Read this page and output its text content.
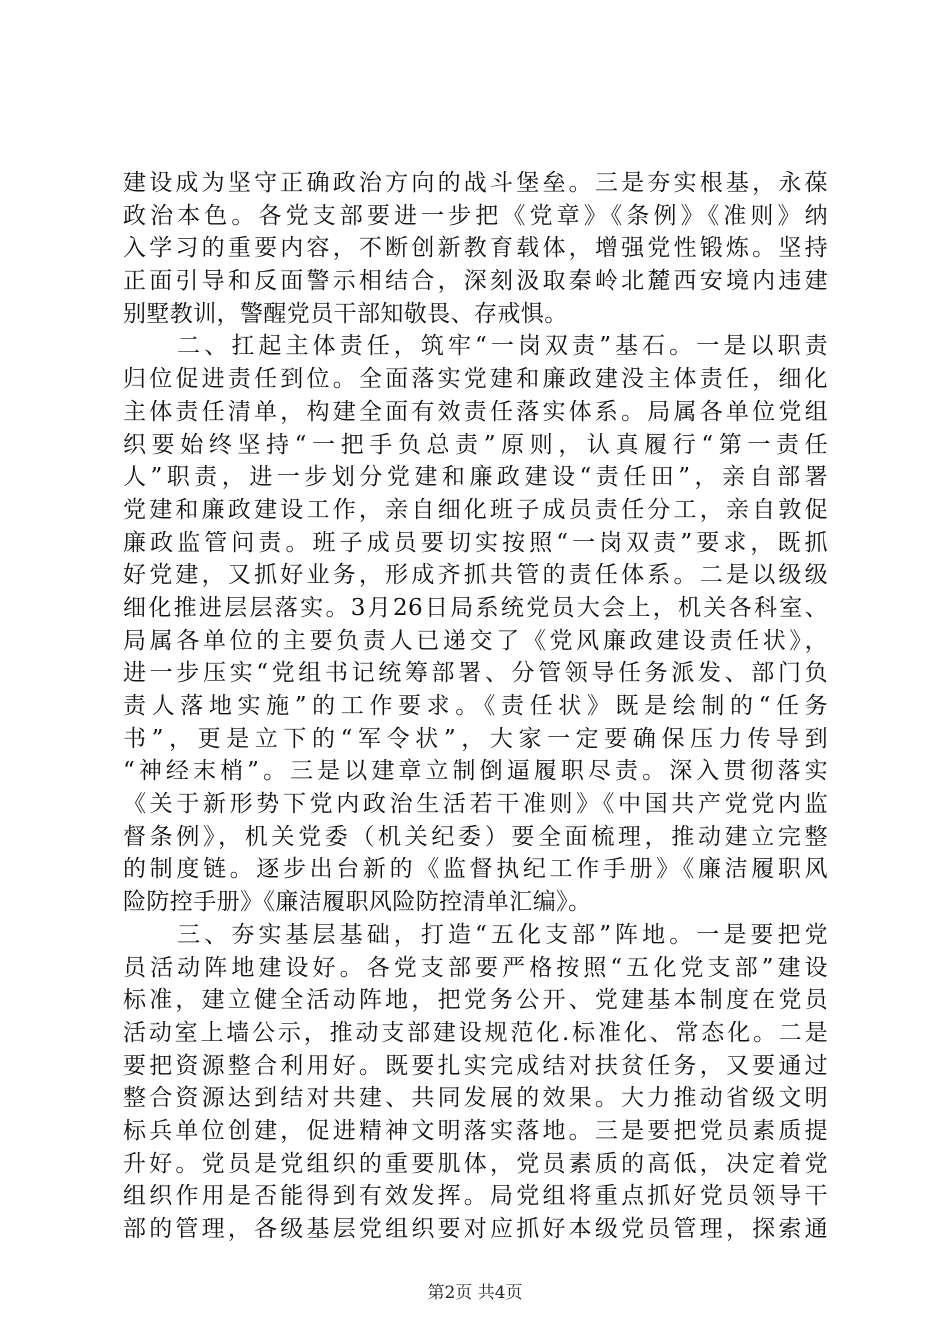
建设成为坚守正确政治方向的战斗堡垒。三是夯实根基，永葆
政治本色。各党支部要进一步把《党章》《条例》《准则》纳
入学习的重要内容，不断创新教育载体，增强党性锻炼。坚持
正面引导和反面警示相结合，深刻汲取秦岭北麓西安境内违建
别墅教训，警醒党员干部知敬畏、存戒惧。
　　二、扛起主体责任，筑牢“一岗双责”基石。一是以职责
归位促进责任到位。全面落实党建和廉政建没主体责任，细化
主体责任清单，构建全面有效责任落实体系。局属各单位党组
织要始终坚持“一把手负总责”原则，认真履行“第一责任
人”职责，进一步划分党建和廉政建设“责任田”，亲自部署
党建和廉政建设工作，亲自细化班子成员责任分工，亲自敦促
廉政监管问责。班子成员要切实按照“一岗双责”要求，既抓
好党建，又抓好业务，形成齐抓共管的责任体系。二是以级级
细化推进层层落实。3月26日局系统党员大会上，机关各科室、
局属各单位的主要负责人已递交了《党风廉政建设责任状》，
进一步压实“党组书记统筹部署、分管领导任务派发、部门负
责人落地实施”的工作要求。《责任状》既是绘制的“任务
书”，更是立下的“军令状”，大家一定要确保压力传导到
“神经末梢”。三是以建章立制倒逼履职尽责。深入贯彻落实
《关于新形势下党内政治生活若干准则》《中国共产党党内监
督条例》，机关党委（机关纪委）要全面梳理，推动建立完整
的制度链。逐步出台新的《监督执纪工作手册》《廉洁履职风
险防控手册》《廉洁履职风险防控清单汇编》。
　　三、夯实基层基础，打造“五化支部”阵地。一是要把党
员活动阵地建设好。各党支部要严格按照“五化党支部”建设
标准，建立健全活动阵地，把党务公开、党建基本制度在党员
活动室上墙公示，推动支部建设规范化.标准化、常态化。二是
要把资源整合利用好。既要扎实完成结对扶贫任务，又要通过
整合资源达到结对共建、共同发展的效果。大力推动省级文明
标兵单位创建，促进精神文明落实落地。三是要把党员素质提
升好。党员是党组织的重要肌体，党员素质的高低，决定着党
组织作用是否能得到有效发挥。局党组将重点抓好党员领导干
部的管理，各级基层党组织要对应抓好本级党员管理，探索通
第2页 共4页
